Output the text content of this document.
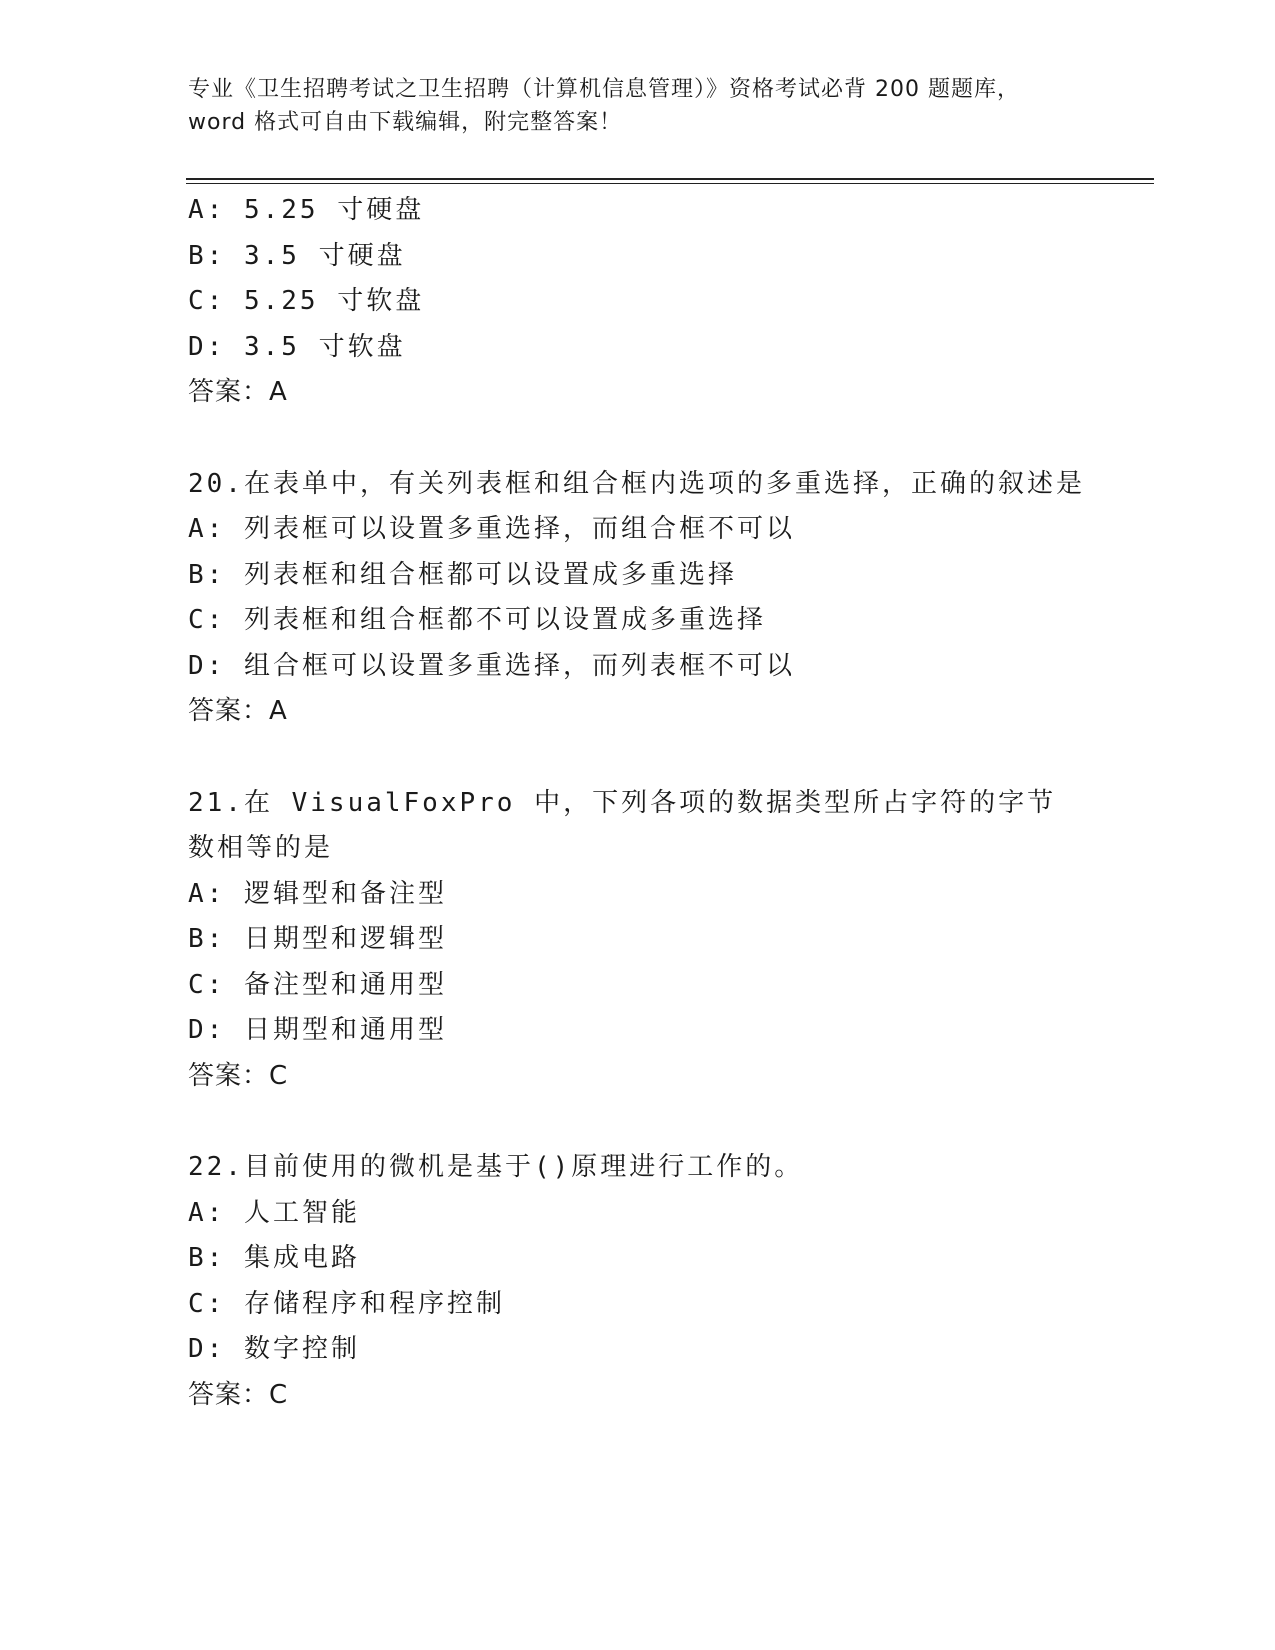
专业《卫生招聘考试之卫生招聘（计算机信息管理）》资格考试必背 200 题题库，
word 格式可自由下载编辑，附完整答案！
A: 5.25 寸硬盘
B: 3.5 寸硬盘
C: 5.25 寸软盘
D: 3.5 寸软盘
答案：A
20.在表单中，有关列表框和组合框内选项的多重选择，正确的叙述是
A: 列表框可以设置多重选择，而组合框不可以
B: 列表框和组合框都可以设置成多重选择
C: 列表框和组合框都不可以设置成多重选择
D: 组合框可以设置多重选择，而列表框不可以
答案：A
21.在 VisualFoxPro 中，下列各项的数据类型所占字符的字节数相等的是
A: 逻辑型和备注型
B: 日期型和逻辑型
C: 备注型和通用型
D: 日期型和通用型
答案：C
22.目前使用的微机是基于()原理进行工作的。
A: 人工智能
B: 集成电路
C: 存储程序和程序控制
D: 数字控制
答案：C
